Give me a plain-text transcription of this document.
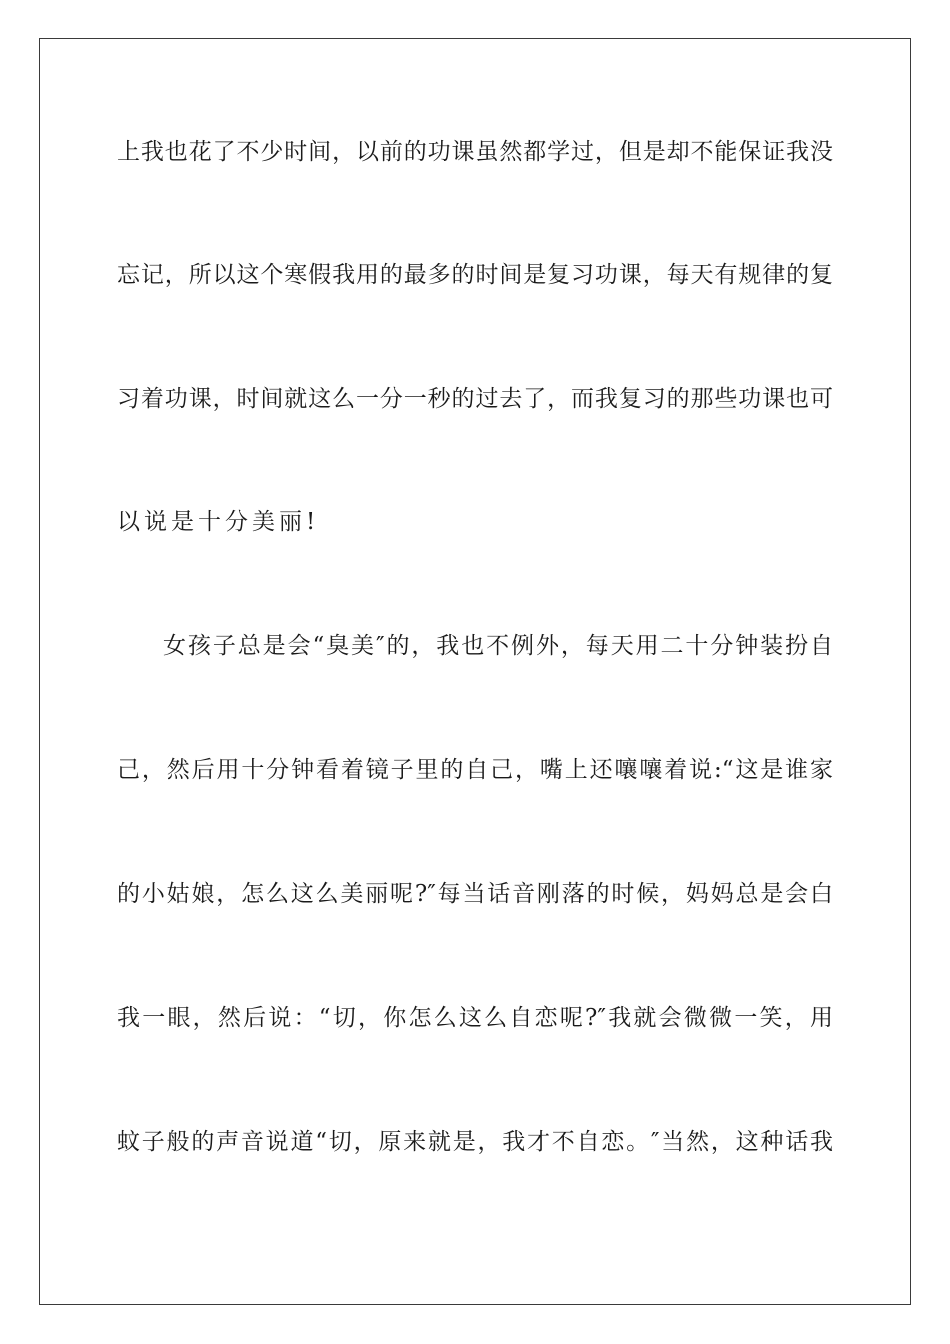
上我也花了不少时间，以前的功课虽然都学过，但是却不能保证我没
忘记，所以这个寒假我用的最多的时间是复习功课，每天有规律的复
习着功课，时间就这么一分一秒的过去了，而我复习的那些功课也可
以说是十分美丽!
女孩子总是会“臭美″的，我也不例外，每天用二十分钟装扮自
己，然后用十分钟看着镜子里的自己，嘴上还嚷嚷着说:“这是谁家
的小姑娘，怎么这么美丽呢?″每当话音刚落的时候，妈妈总是会白
我一眼，然后说：“切，你怎么这么自恋呢?″我就会微微一笑，用
蚊子般的声音说道“切，原来就是，我才不自恋。″当然，这种话我
